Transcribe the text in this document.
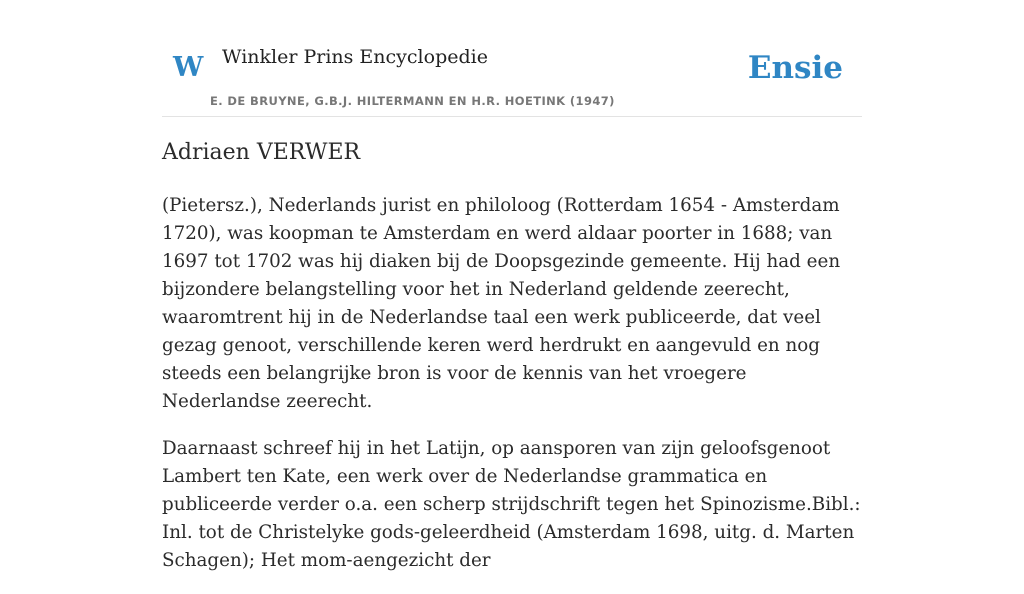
W Winkler Prins Encyclopedie
E. DE BRUYNE, G.B.J. HILTERMANN EN H.R. HOETINK (1947)
Ensie
Adriaen VERWER

(Pietersz.), Nederlands jurist en philoloog (Rotterdam 1654 - Amsterdam 1720), was koopman te Amsterdam en werd aldaar poorter in 1688; van 1697 tot 1702 was hij diaken bij de Doopsgezinde gemeente. Hij had een bijzondere belangstelling voor het in Nederland geldende zeerecht, waaromtrent hij in de Nederlandse taal een werk publiceerde, dat veel gezag genoot, verschillende keren werd herdrukt en aangevuld en nog steeds een belangrijke bron is voor de kennis van het vroegere Nederlandse zeerecht.

Daarnaast schreef hij in het Latijn, op aansporen van zijn geloofsgenoot Lambert ten Kate, een werk over de Nederlandse grammatica en publiceerde verder o.a. een scherp strijdschrift tegen het Spinozisme.Bibl.: Inl. tot de Christelyke gods-geleerdheid (Amsterdam 1698, uitg. d. Marten Schagen); Het mom-aengezicht der
